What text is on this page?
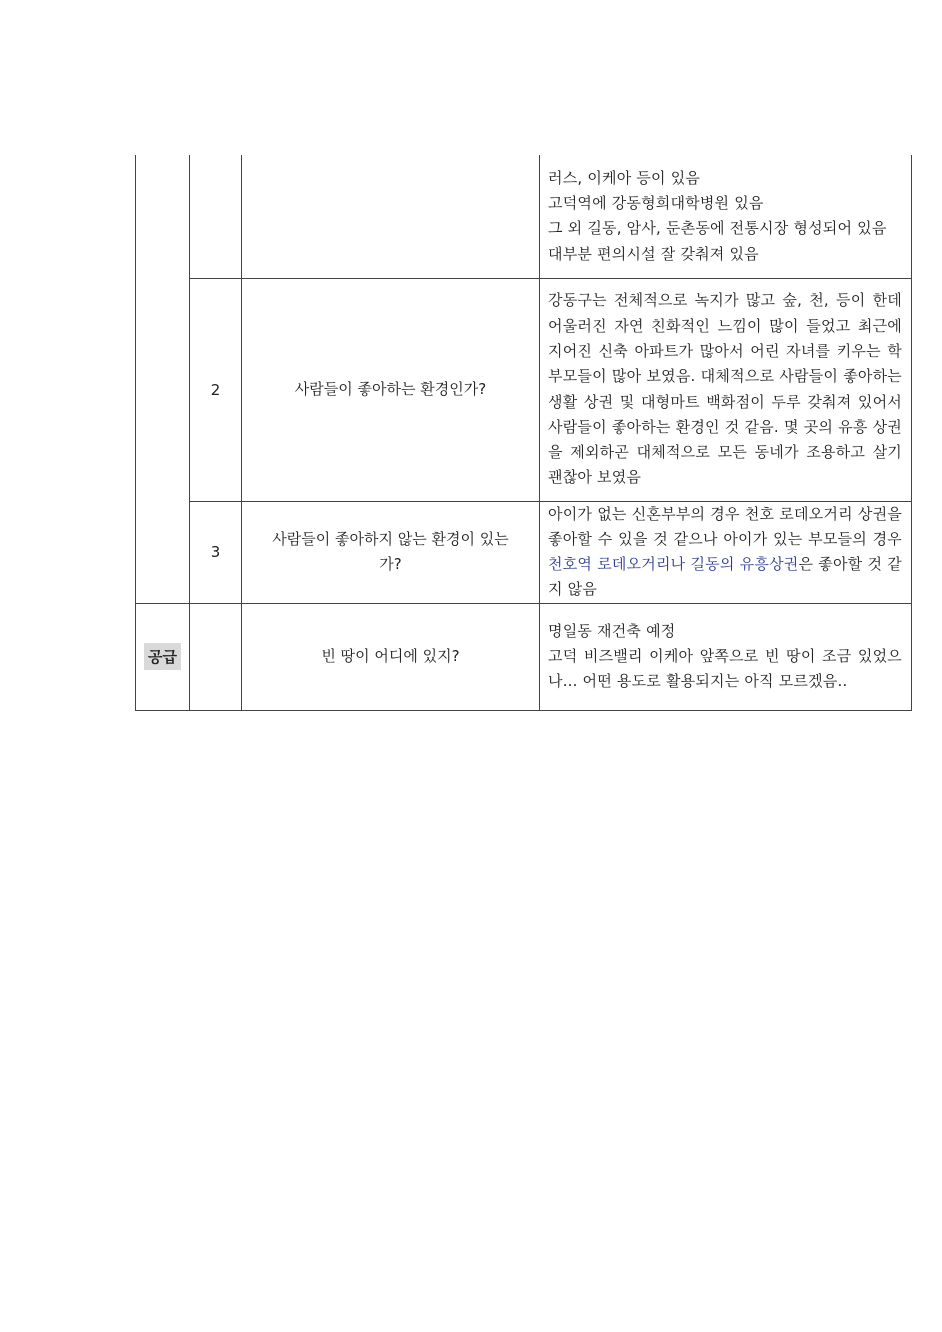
			러스, 이케아 등이 있음

고덕역에 강동형희대학병원 있음

그 외 길동, 암사, 둔촌동에 전통시장 형성되어 있음

대부분 편의시설 잘 갖춰져 있음

	2	사람들이 좋아하는 환경인가?	강동구는 전체적으로 녹지가 많고 숲, 천, 등이 한데 어울러진 자연 친화적인 느낌이 많이 들었고 최근에 지어진 신축 아파트가 많아서 어린 자녀를 키우는 학부모들이 많아 보였음. 대체적으로 사람들이 좋아하는 생활 상권 및 대형마트 백화점이 두루 갖춰져 있어서 사람들이 좋아하는 환경인 것 같음. 몇 곳의 유흥 상권을 제외하곤 대체적으로 모든 동네가 조용하고 살기 괜찮아 보였음

	3	사람들이 좋아하지 않는 환경이 있는가?	아이가 없는 신혼부부의 경우 천호 로데오거리 상권을 좋아할 수 있을 것 같으나 아이가 있는 부모들의 경우 천호역 로데오거리나 길동의 유흥상권은 좋아할 것 같지 않음

공급		빈 땅이 어디에 있지?	명일동 재건축 예정

고덕 비즈밸리 이케아 앞쪽으로 빈 땅이 조금 있었으나... 어떤 용도로 활용되지는 아직 모르겠음..
